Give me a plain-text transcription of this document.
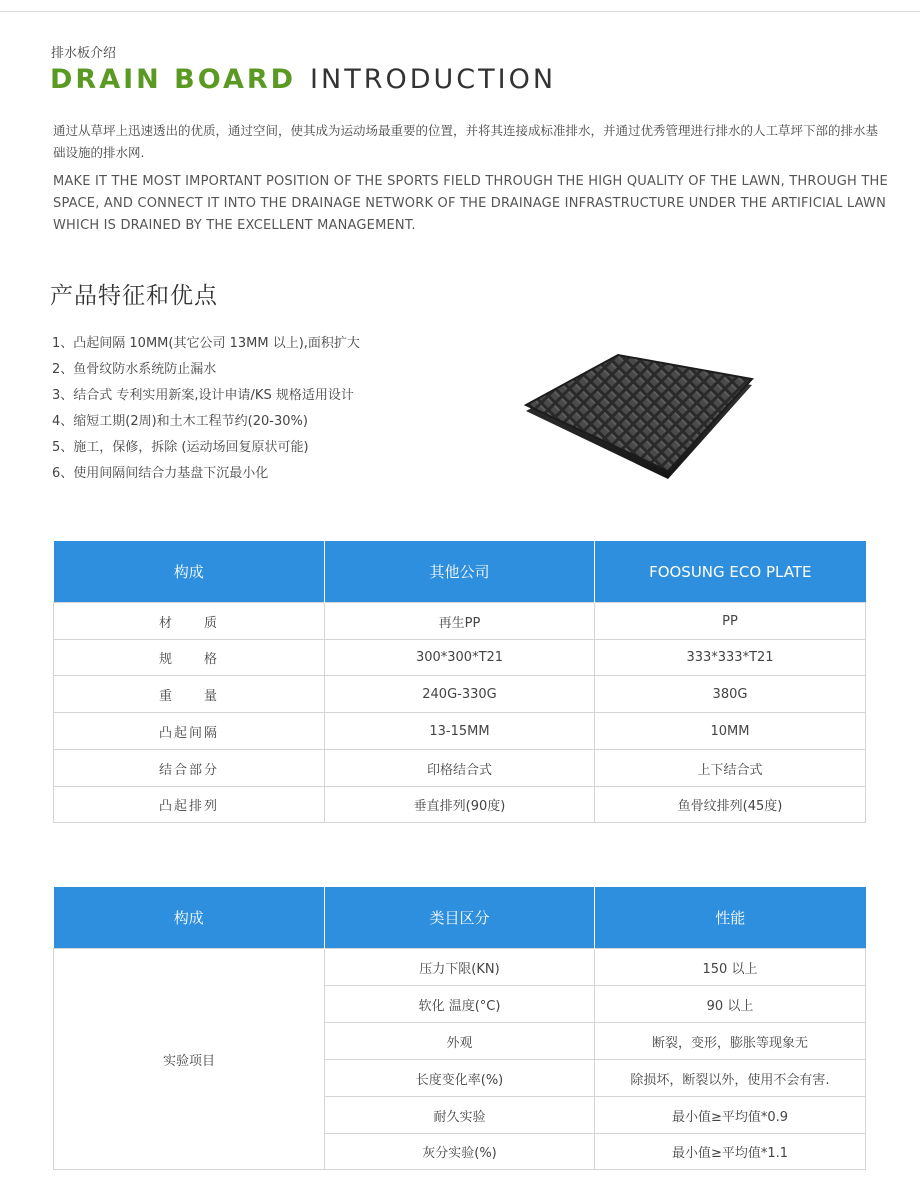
排水板介绍
DRAIN BOARD INTRODUCTION
通过从草坪上迅速透出的优质，通过空间，使其成为运动场最重要的位置，并将其连接成标准排水，并通过优秀管理进行排水的人工草坪下部的排水基础设施的排水网.
MAKE IT THE MOST IMPORTANT POSITION OF THE SPORTS FIELD THROUGH THE HIGH QUALITY OF THE LAWN, THROUGH THE SPACE, AND CONNECT IT INTO THE DRAINAGE NETWORK OF THE DRAINAGE INFRASTRUCTURE UNDER THE ARTIFICIAL LAWN WHICH IS DRAINED BY THE EXCELLENT MANAGEMENT.
产品特征和优点
1、凸起间隔 10MM(其它公司 13MM 以上),面积扩大
2、鱼骨纹防水系统防止漏水
3、结合式 专利实用新案,设计申请/KS 规格适用设计
4、缩短工期(2周)和土木工程节约(20-30%)
5、施工，保修，拆除 (运动场回复原状可能)
6、使用间隔间结合力基盘下沉最小化
构成	其他公司	FOOSUNG ECO PLATE
材　　质	再生PP	PP
规　　格	300*300*T21	333*333*T21
重　　量	240G-330G	380G
凸起间隔	13-15MM	10MM
结合部分	印格结合式	上下结合式
凸起排列	垂直排列(90度)	鱼骨纹排列(45度)
构成	类目区分	性能
实验项目	压力下限(KN)	150 以上
	软化 温度(°C)	90 以上
	外观	断裂，变形，膨胀等现象无
	长度变化率(%)	除损坏，断裂以外，使用不会有害.
	耐久实验	最小值≥平均值*0.9
	灰分实验(%)	最小值≥平均值*1.1
